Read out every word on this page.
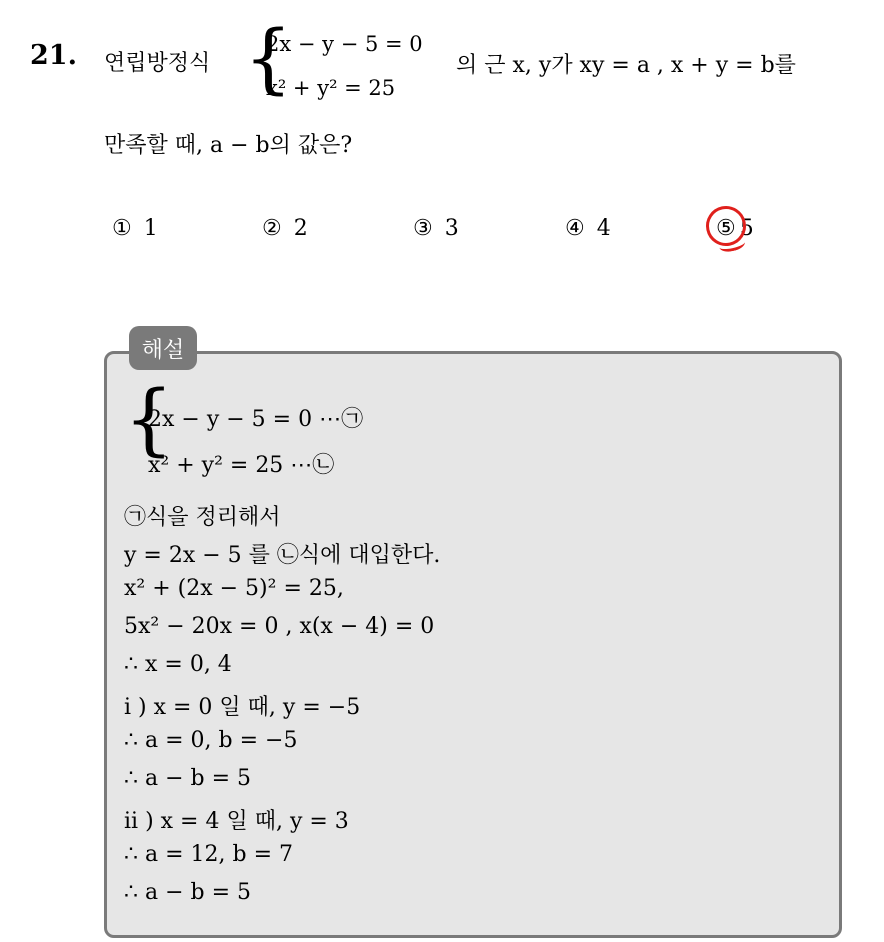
21. 연립방정식 {
2x − y − 5 = 0
x² + y² = 25
의 근 x, y가 xy = a , x + y = b를
만족할 때, a − b의 값은?
① 1	② 2	③ 3	④ 4	⑤ 5
해설
{
2x − y − 5 = 0 ⋯㉠
x² + y² = 25 ⋯㉡
㉠식을 정리해서
y = 2x − 5 를 ㉡식에 대입한다.
x² + (2x − 5)² = 25,
5x² − 20x = 0 , x(x − 4) = 0
∴ x = 0, 4
i ) x = 0 일 때, y = −5
∴ a = 0, b = −5
∴ a − b = 5
ii ) x = 4 일 때, y = 3
∴ a = 12, b = 7
∴ a − b = 5
